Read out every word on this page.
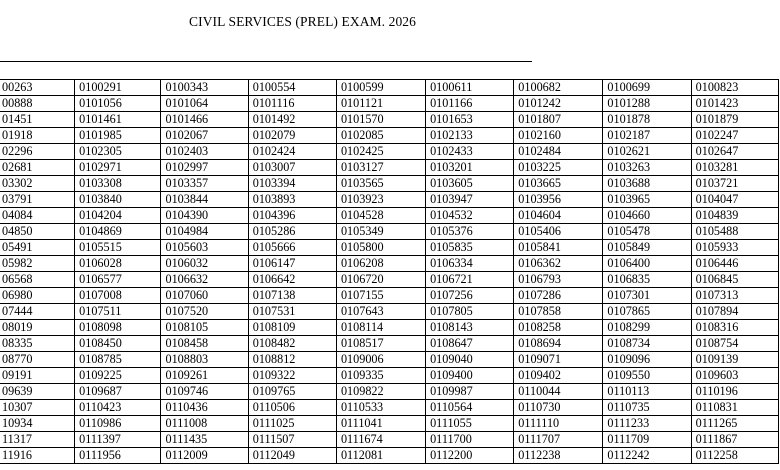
CIVIL SERVICES (PREL) EXAM. 2026
00263	0100291	0100343	0100554	0100599	0100611	0100682	0100699	0100823
00888	0101056	0101064	0101116	0101121	0101166	0101242	0101288	0101423
01451	0101461	0101466	0101492	0101570	0101653	0101807	0101878	0101879
01918	0101985	0102067	0102079	0102085	0102133	0102160	0102187	0102247
02296	0102305	0102403	0102424	0102425	0102433	0102484	0102621	0102647
02681	0102971	0102997	0103007	0103127	0103201	0103225	0103263	0103281
03302	0103308	0103357	0103394	0103565	0103605	0103665	0103688	0103721
03791	0103840	0103844	0103893	0103923	0103947	0103956	0103965	0104047
04084	0104204	0104390	0104396	0104528	0104532	0104604	0104660	0104839
04850	0104869	0104984	0105286	0105349	0105376	0105406	0105478	0105488
05491	0105515	0105603	0105666	0105800	0105835	0105841	0105849	0105933
05982	0106028	0106032	0106147	0106208	0106334	0106362	0106400	0106446
06568	0106577	0106632	0106642	0106720	0106721	0106793	0106835	0106845
06980	0107008	0107060	0107138	0107155	0107256	0107286	0107301	0107313
07444	0107511	0107520	0107531	0107643	0107805	0107858	0107865	0107894
08019	0108098	0108105	0108109	0108114	0108143	0108258	0108299	0108316
08335	0108450	0108458	0108482	0108517	0108647	0108694	0108734	0108754
08770	0108785	0108803	0108812	0109006	0109040	0109071	0109096	0109139
09191	0109225	0109261	0109322	0109335	0109400	0109402	0109550	0109603
09639	0109687	0109746	0109765	0109822	0109987	0110044	0110113	0110196
10307	0110423	0110436	0110506	0110533	0110564	0110730	0110735	0110831
10934	0110986	0111008	0111025	0111041	0111055	0111110	0111233	0111265
11317	0111397	0111435	0111507	0111674	0111700	0111707	0111709	0111867
11916	0111956	0112009	0112049	0112081	0112200	0112238	0112242	0112258
